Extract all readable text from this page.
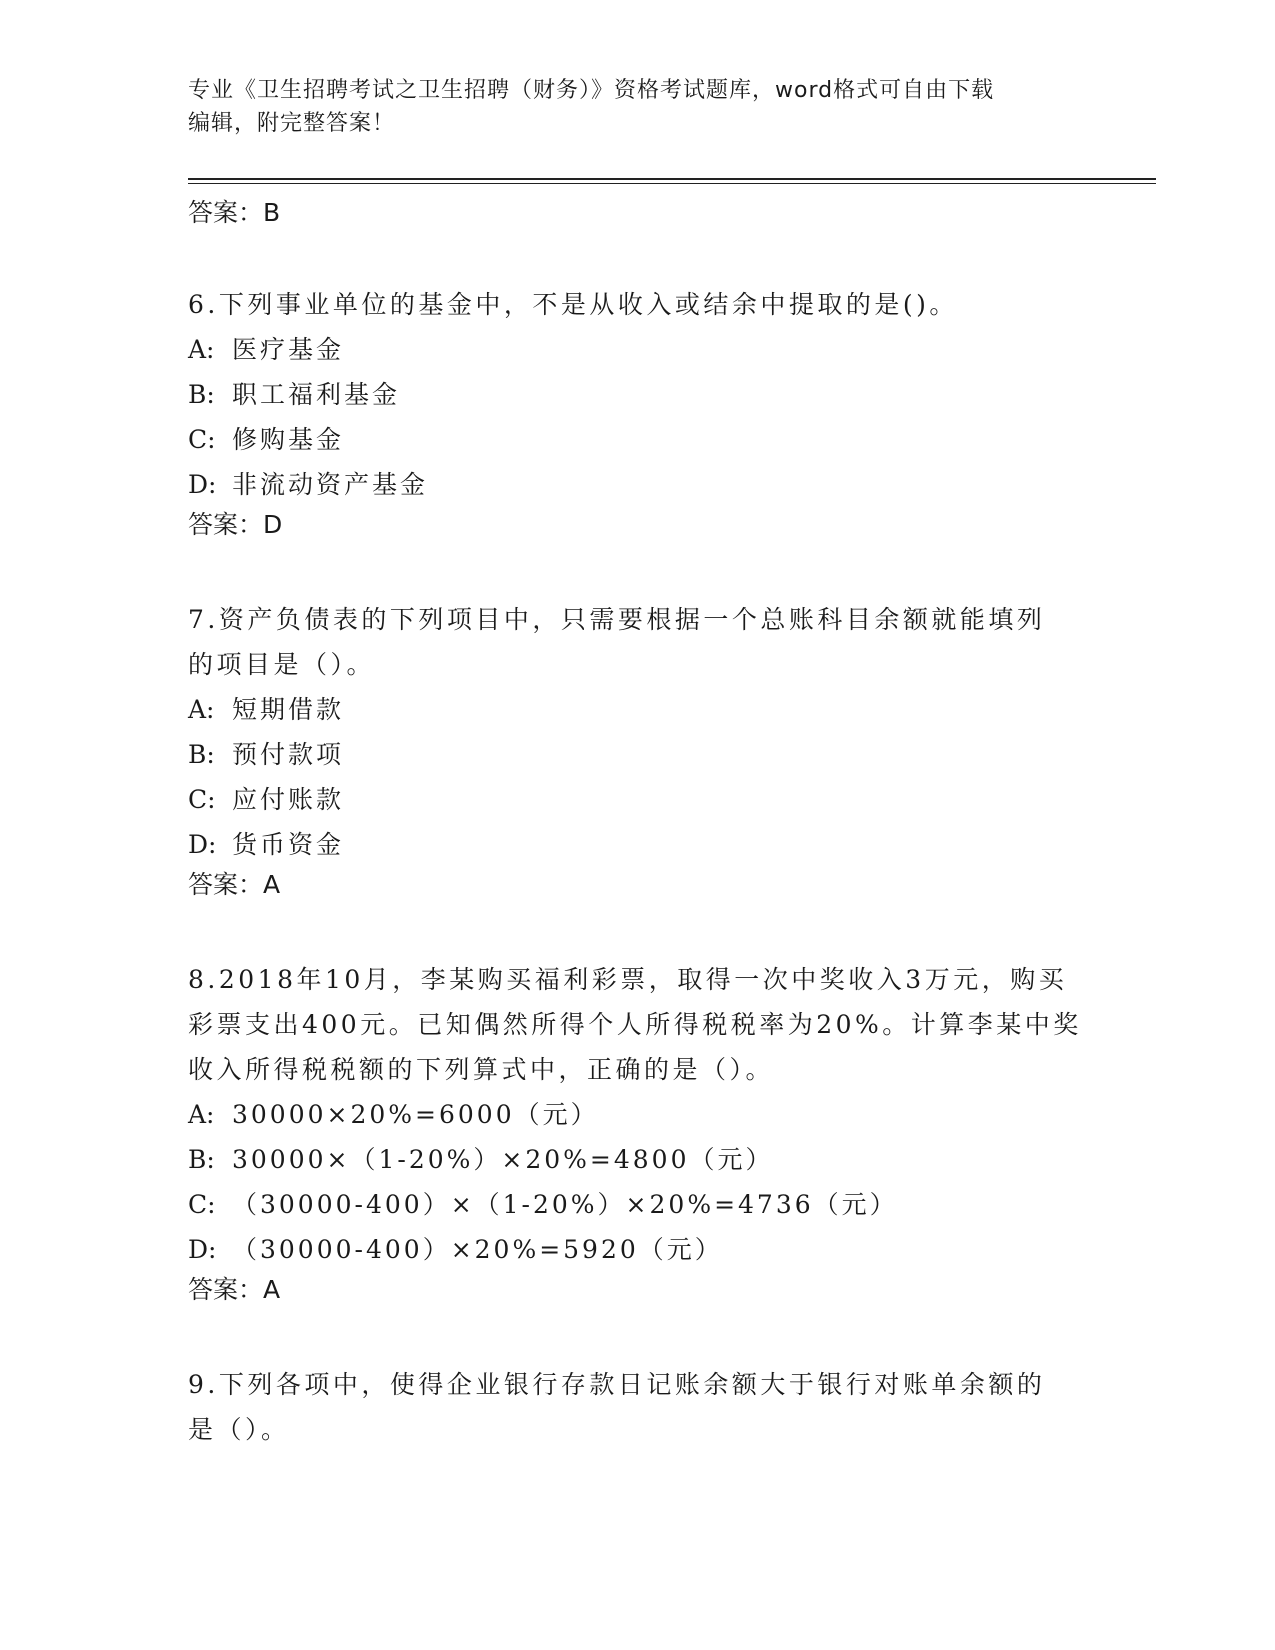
专业《卫生招聘考试之卫生招聘（财务）》资格考试题库，word格式可自由下载
编辑，附完整答案！

答案：B

6.下列事业单位的基金中，不是从收入或结余中提取的是()。

A: 医疗基金
B: 职工福利基金
C: 修购基金
D: 非流动资产基金

答案：D

7.资产负债表的下列项目中，只需要根据一个总账科目余额就能填列

的项目是（）。

A: 短期借款
B: 预付款项
C: 应付账款
D: 货币资金

答案：A

8.2018年10月，李某购买福利彩票，取得一次中奖收入3万元，购买

彩票支出400元。已知偶然所得个人所得税税率为20%。计算李某中奖

收入所得税税额的下列算式中，正确的是（）。

A: 30000×20%=6000（元）
B: 30000×（1-20%）×20%=4800（元）
C: （30000-400）×（1-20%）×20%=4736（元）
D: （30000-400）×20%=5920（元）

答案：A

9.下列各项中，使得企业银行存款日记账余额大于银行对账单余额的

是（）。
